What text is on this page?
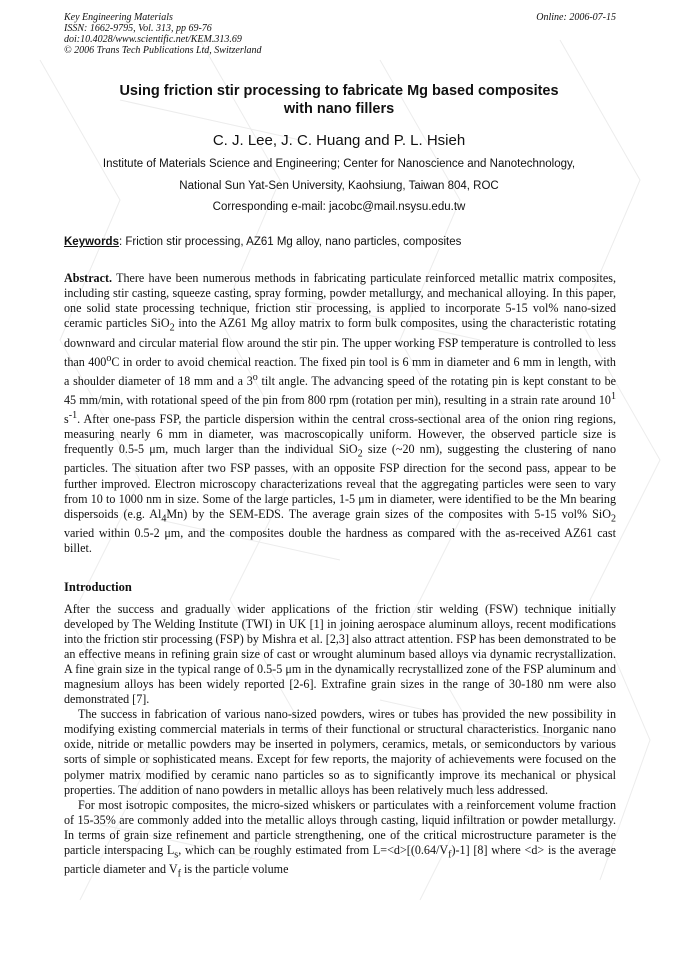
Key Engineering Materials
ISSN: 1662-9795, Vol. 313, pp 69-76
doi:10.4028/www.scientific.net/KEM.313.69
© 2006 Trans Tech Publications Ltd, Switzerland
Online: 2006-07-15
Using friction stir processing to fabricate Mg based composites
with nano fillers
C. J. Lee, J. C. Huang and P. L. Hsieh
Institute of Materials Science and Engineering; Center for Nanoscience and Nanotechnology,
National Sun Yat-Sen University, Kaohsiung, Taiwan 804, ROC
Corresponding e-mail: jacobc@mail.nsysu.edu.tw
Keywords: Friction stir processing, AZ61 Mg alloy, nano particles, composites
Abstract. There have been numerous methods in fabricating particulate reinforced metallic matrix composites, including stir casting, squeeze casting, spray forming, powder metallurgy, and mechanical alloying. In this paper, one solid state processing technique, friction stir processing, is applied to incorporate 5-15 vol% nano-sized ceramic particles SiO$_2$ into the AZ61 Mg alloy matrix to form bulk composites, using the characteristic rotating downward and circular material flow around the stir pin. The upper working FSP temperature is controlled to less than 400$^o$C in order to avoid chemical reaction. The fixed pin tool is 6 mm in diameter and 6 mm in length, with a shoulder diameter of 18 mm and a 3$^o$ tilt angle. The advancing speed of the rotating pin is kept constant to be 45 mm/min, with rotational speed of the pin from 800 rpm (rotation per min), resulting in a strain rate around $10^1$ $s^{-1}$. After one-pass FSP, the particle dispersion within the central cross-sectional area of the onion ring regions, measuring nearly 6 mm in diameter, was macroscopically uniform. However, the observed particle size is frequently 0.5-5 μm, much larger than the individual SiO$_2$ size (~20 nm), suggesting the clustering of nano particles. The situation after two FSP passes, with an opposite FSP direction for the second pass, appear to be further improved. Electron microscopy characterizations reveal that the aggregating particles were seen to vary from 10 to 1000 nm in size. Some of the large particles, 1-5 μm in diameter, were identified to be the Mn bearing dispersoids (e.g. $Al_4Mn$) by the SEM-EDS. The average grain sizes of the composites with 5-15 vol% SiO$_2$ varied within 0.5-2 μm, and the composites double the hardness as compared with the as-received AZ61 cast billet.
Introduction

After the success and gradually wider applications of the friction stir welding (FSW) technique initially developed by The Welding Institute (TWI) in UK [1] in joining aerospace aluminum alloys, recent modifications into the friction stir processing (FSP) by Mishra et al. [2,3] also attract attention. FSP has been demonstrated to be an effective means in refining grain size of cast or wrought aluminum based alloys via dynamic recrystallization. A fine grain size in the typical range of 0.5-5 μm in the dynamically recrystallized zone of the FSP aluminum and magnesium alloys has been widely reported [2-6]. Extrafine grain sizes in the range of 30-180 nm were also demonstrated [7].

The success in fabrication of various nano-sized powders, wires or tubes has provided the new possibility in modifying existing commercial materials in terms of their functional or structural characteristics. Inorganic nano oxide, nitride or metallic powders may be inserted in polymers, ceramics, metals, or semiconductors by various sorts of simple or sophisticated means. Except for few reports, the majority of achievements were focused on the polymer matrix modified by ceramic nano particles so as to significantly improve its mechanical or physical properties. The addition of nano powders in metallic alloys has been relatively much less addressed.

For most isotropic composites, the micro-sized whiskers or particulates with a reinforcement volume fraction of 15-35% are commonly added into the metallic alloys through casting, liquid infiltration or powder metallurgy. In terms of grain size refinement and particle strengthening, one of the critical microstructure parameter is the particle interspacing $L_s$, which can be roughly estimated from $L=<d>[(0.64/V_f)-1]$ [8] where <d> is the average particle diameter and $V_f$ is the particle volume
